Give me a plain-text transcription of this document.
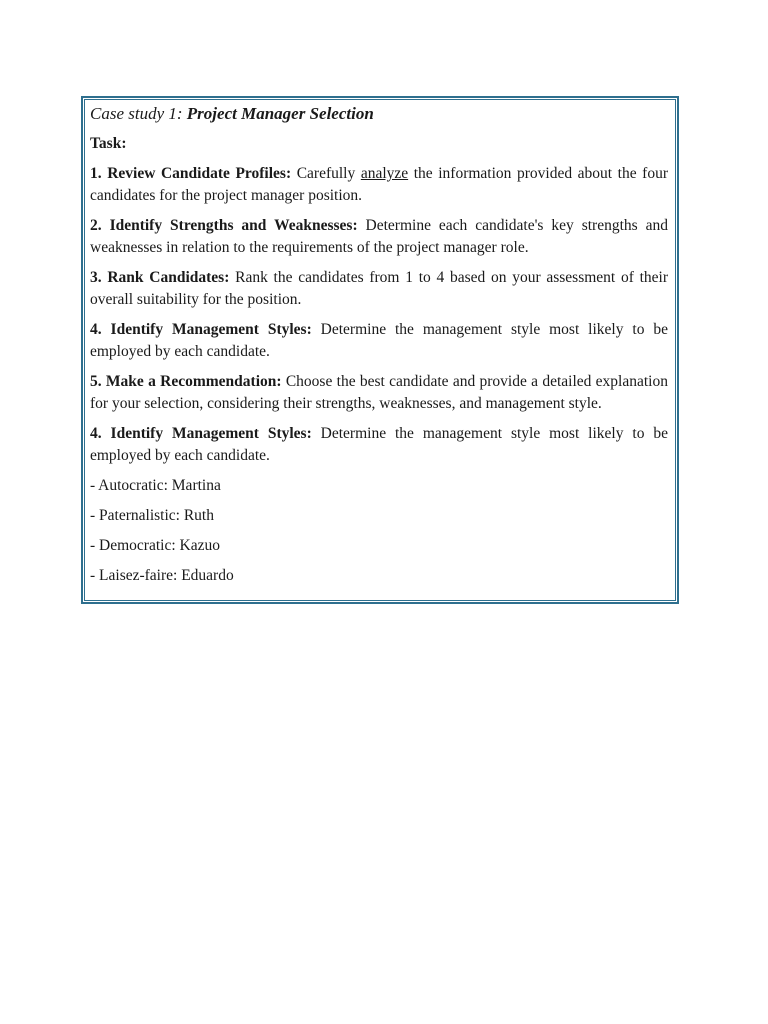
Case study 1: Project Manager Selection
Task:
1. Review Candidate Profiles: Carefully analyze the information provided about the four candidates for the project manager position.
2. Identify Strengths and Weaknesses: Determine each candidate's key strengths and weaknesses in relation to the requirements of the project manager role.
3. Rank Candidates: Rank the candidates from 1 to 4 based on your assessment of their overall suitability for the position.
4. Identify Management Styles: Determine the management style most likely to be employed by each candidate.
5. Make a Recommendation: Choose the best candidate and provide a detailed explanation for your selection, considering their strengths, weaknesses, and management style.
4. Identify Management Styles: Determine the management style most likely to be employed by each candidate.
- Autocratic: Martina
- Paternalistic: Ruth
- Democratic: Kazuo
- Laisez-faire: Eduardo
